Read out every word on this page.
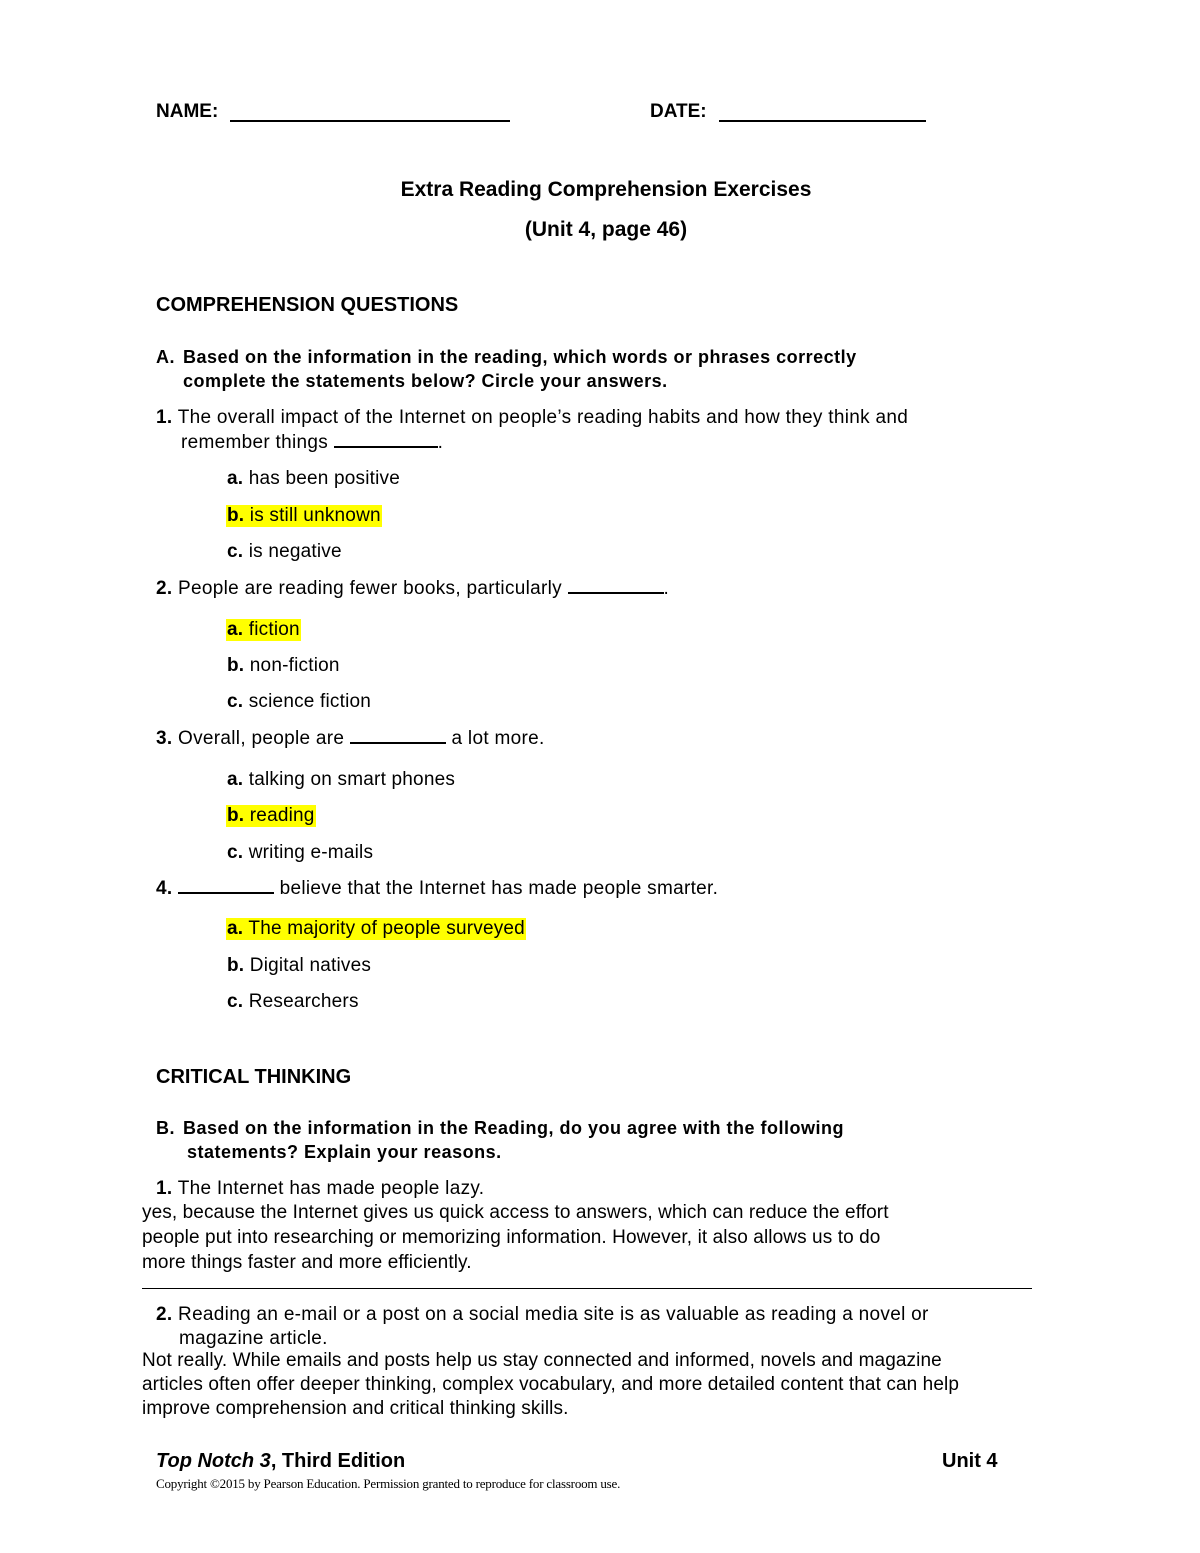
NAME:	DATE:
Extra Reading Comprehension Exercises
(Unit 4, page 46)
COMPREHENSION QUESTIONS
A. Based on the information in the reading, which words or phrases correctly
complete the statements below? Circle your answers.
1. The overall impact of the Internet on people’s reading habits and how they think and
remember things	.
a. has been positive
b. is still unknown
c. is negative
2. People are reading fewer books, particularly	.
a. fiction
b. non-fiction
c. science fiction
3. Overall, people are	a lot more.
a. talking on smart phones
b. reading
c. writing e-mails
4.	believe that the Internet has made people smarter.
a. The majority of people surveyed
b. Digital natives
c. Researchers
CRITICAL THINKING
B. Based on the information in the Reading, do you agree with the following
statements? Explain your reasons.
1. The Internet has made people lazy.
yes, because the Internet gives us quick access to answers, which can reduce the effort
people put into researching or memorizing information. However, it also allows us to do
more things faster and more efficiently.
2. Reading an e-mail or a post on a social media site is as valuable as reading a novel or
magazine article.
Not really. While emails and posts help us stay connected and informed, novels and magazine
articles often offer deeper thinking, complex vocabulary, and more detailed content that can help
improve comprehension and critical thinking skills.
Top Notch 3, Third Edition	Unit 4
Copyright ©2015 by Pearson Education. Permission granted to reproduce for classroom use.
